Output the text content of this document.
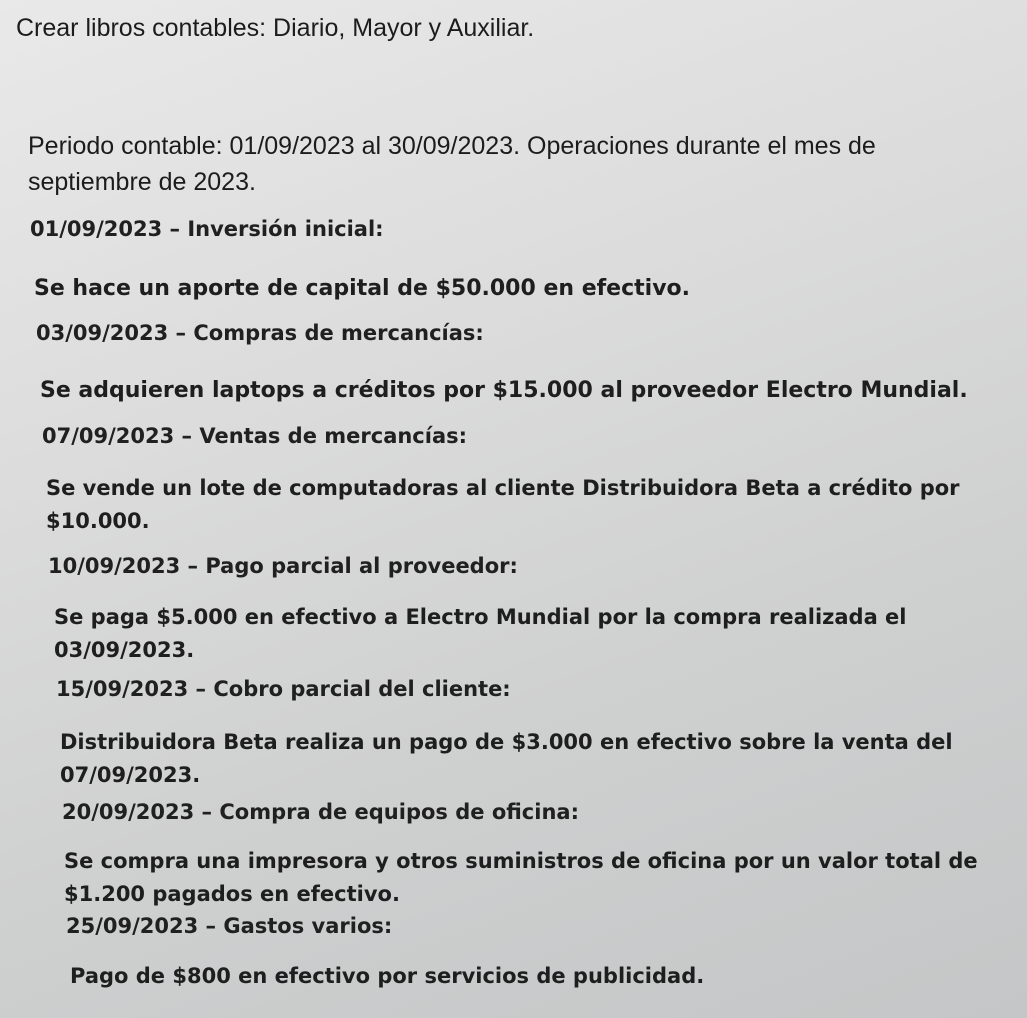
Crear libros contables: Diario, Mayor y Auxiliar.
Periodo contable: 01/09/2023 al 30/09/2023. Operaciones durante el mes de septiembre de 2023.
01/09/2023 – Inversión inicial:
Se hace un aporte de capital de $50.000 en efectivo.
03/09/2023 – Compras de mercancías:
Se adquieren laptops a créditos por $15.000 al proveedor Electro Mundial.
07/09/2023 – Ventas de mercancías:
Se vende un lote de computadoras al cliente Distribuidora Beta a crédito por $10.000.
10/09/2023 – Pago parcial al proveedor:
Se paga $5.000 en efectivo a Electro Mundial por la compra realizada el 03/09/2023.
15/09/2023 – Cobro parcial del cliente:
Distribuidora Beta realiza un pago de $3.000 en efectivo sobre la venta del 07/09/2023.
20/09/2023 – Compra de equipos de oficina:
Se compra una impresora y otros suministros de oficina por un valor total de $1.200 pagados en efectivo.
25/09/2023 – Gastos varios:
Pago de $800 en efectivo por servicios de publicidad.
